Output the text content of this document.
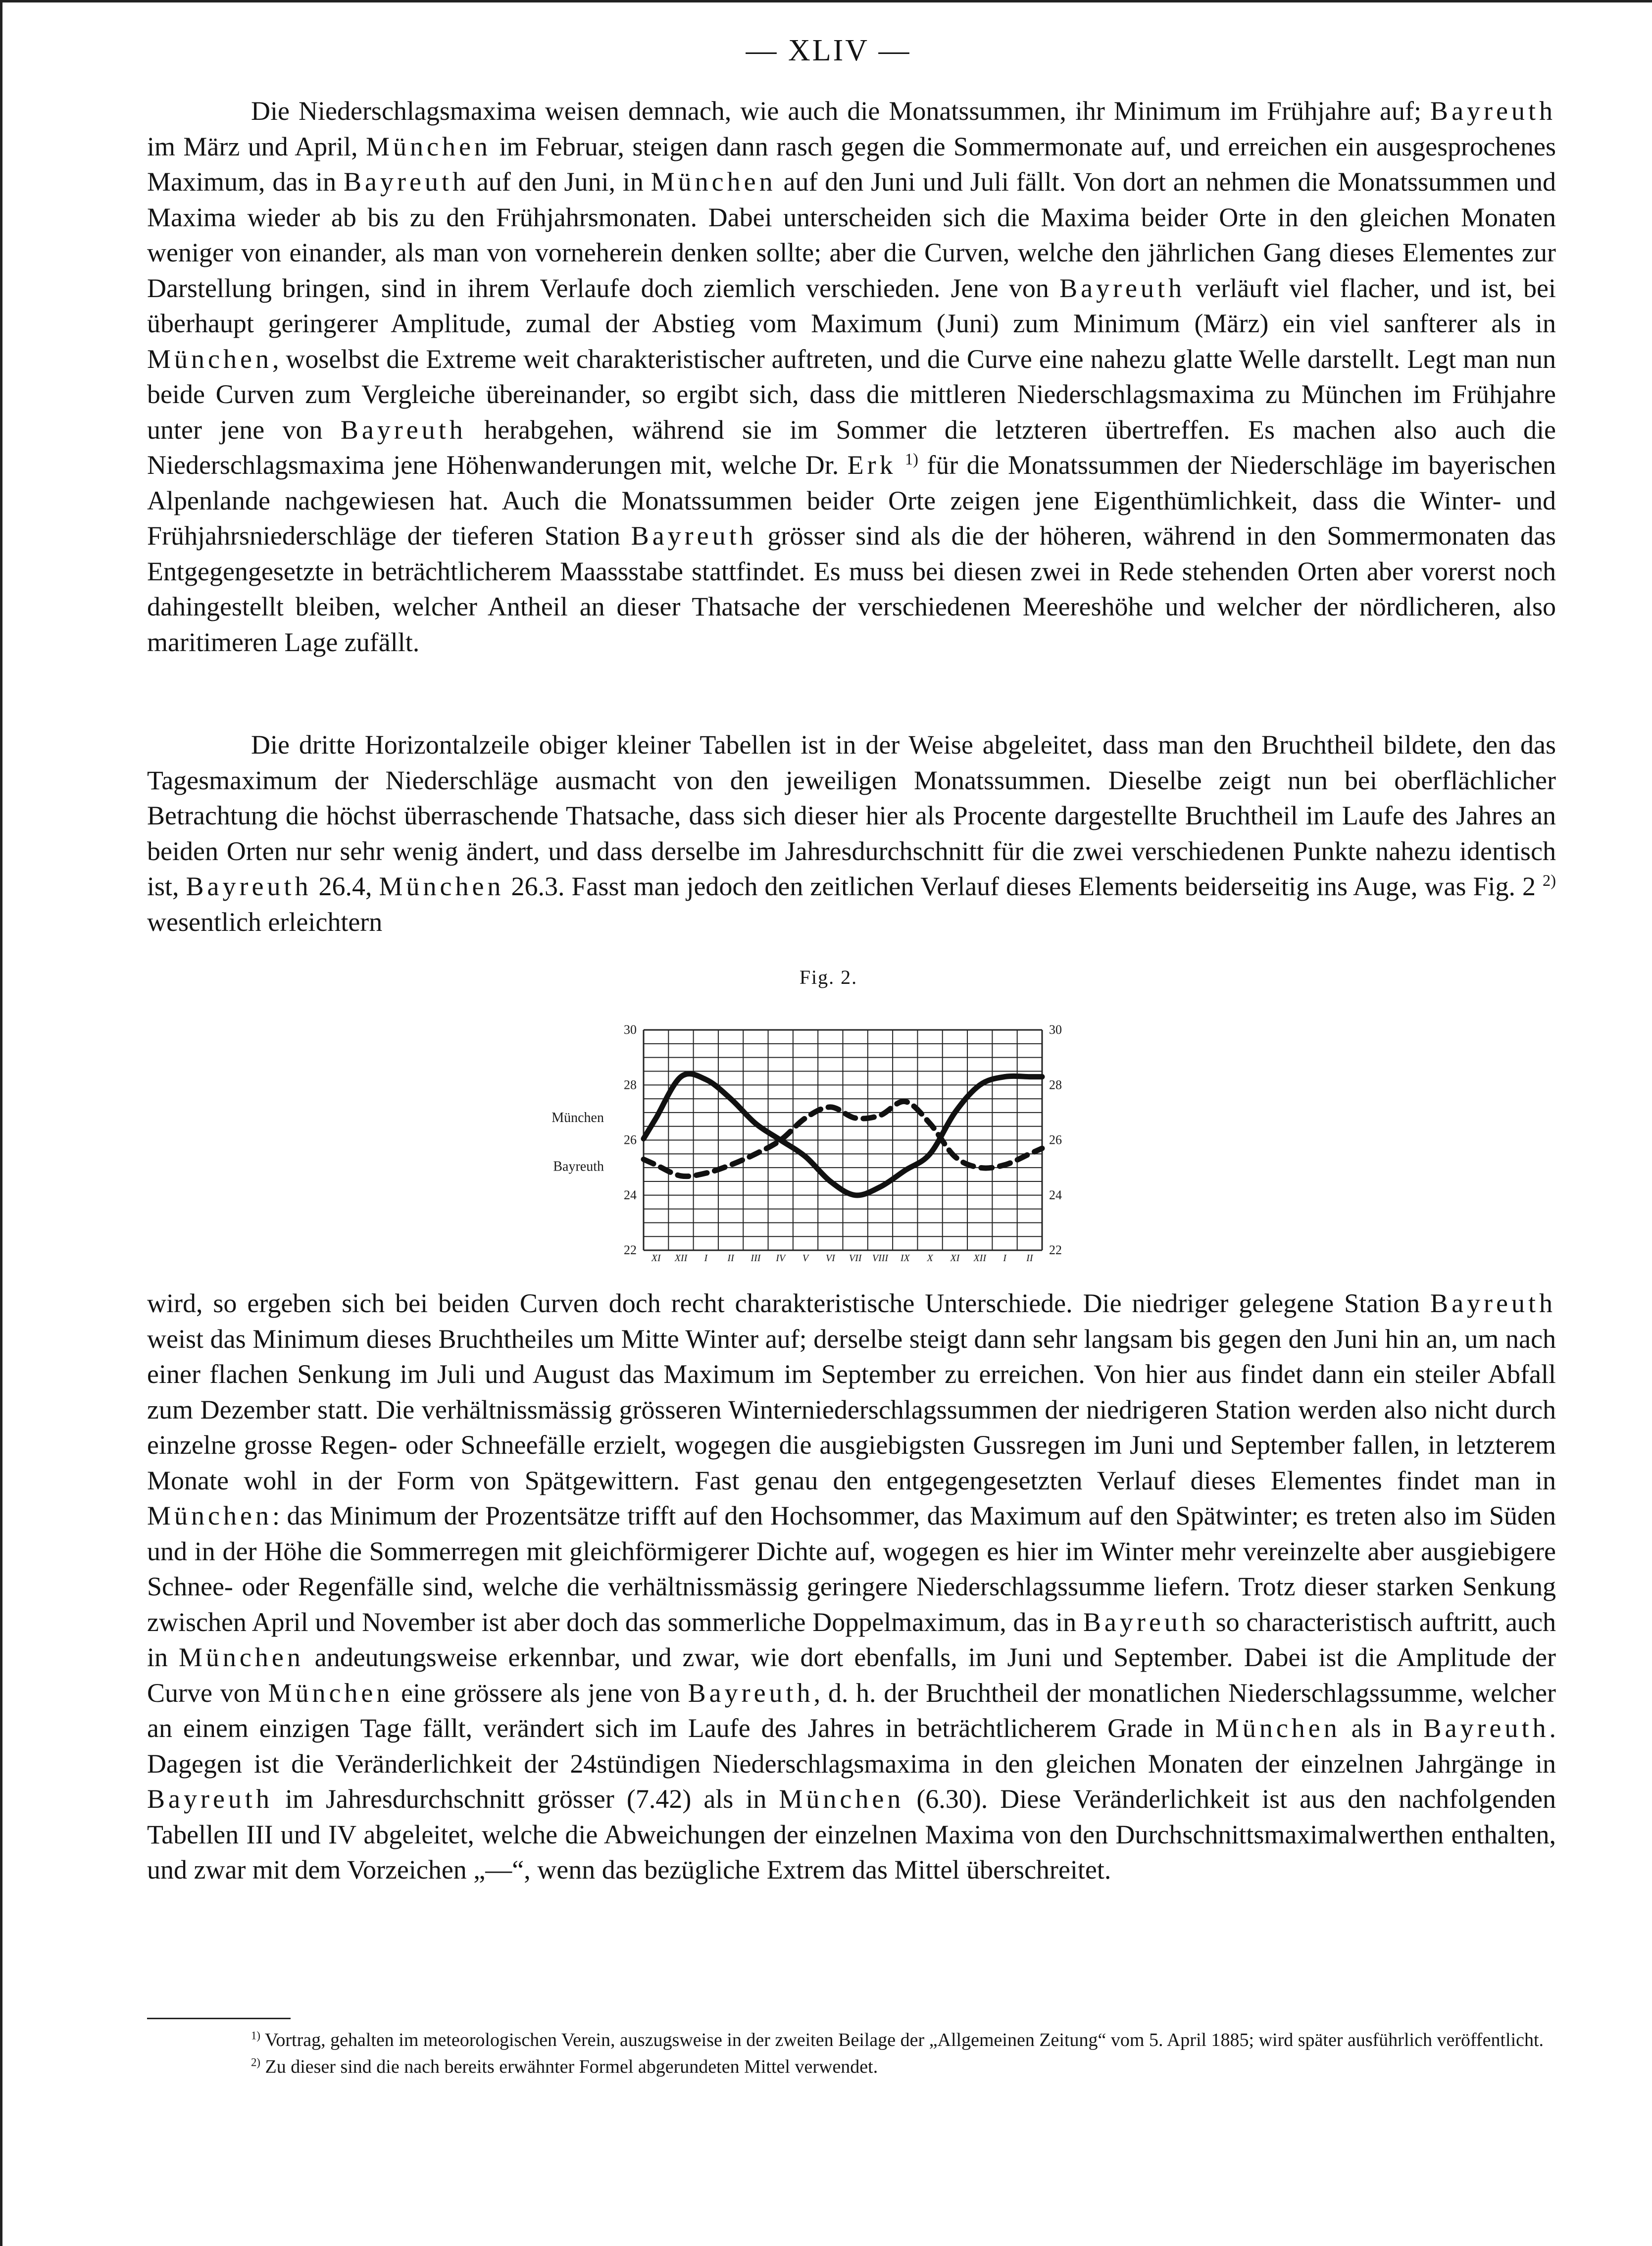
— XLIV —

Die Niederschlagsmaxima weisen demnach, wie auch die Monatssummen, ihr Minimum im Frühjahre auf; Bayreuth im März und April, München im Februar, steigen dann rasch gegen die Sommermonate auf, und erreichen ein ausgesprochenes Maximum, das in Bayreuth auf den Juni, in München auf den Juni und Juli fällt. Von dort an nehmen die Monatssummen und Maxima wieder ab bis zu den Frühjahrsmonaten. Dabei unterscheiden sich die Maxima beider Orte in den gleichen Monaten weniger von einander, als man von vorneherein denken sollte; aber die Curven, welche den jährlichen Gang dieses Elementes zur Darstellung bringen, sind in ihrem Verlaufe doch ziemlich verschieden. Jene von Bayreuth verläuft viel flacher, und ist, bei überhaupt geringerer Amplitude, zumal der Abstieg vom Maximum (Juni) zum Minimum (März) ein viel sanfterer als in München, woselbst die Extreme weit charakteristischer auftreten, und die Curve eine nahezu glatte Welle darstellt. Legt man nun beide Curven zum Vergleiche übereinander, so ergibt sich, dass die mittleren Niederschlagsmaxima zu München im Frühjahre unter jene von Bayreuth herabgehen, während sie im Sommer die letzteren übertreffen. Es machen also auch die Niederschlagsmaxima jene Höhenwanderungen mit, welche Dr. Erk $^{1)}$ für die Monatssummen der Niederschläge im bayerischen Alpenlande nachgewiesen hat. Auch die Monatssummen beider Orte zeigen jene Eigenthümlichkeit, dass die Winter- und Frühjahrsniederschläge der tieferen Station Bayreuth grösser sind als die der höheren, während in den Sommermonaten das Entgegengesetzte in beträchtlicherem Maassstabe stattfindet. Es muss bei diesen zwei in Rede stehenden Orten aber vorerst noch dahingestellt bleiben, welcher Antheil an dieser Thatsache der verschiedenen Meereshöhe und welcher der nördlicheren, also maritimeren Lage zufällt.

Die dritte Horizontalzeile obiger kleiner Tabellen ist in der Weise abgeleitet, dass man den Bruchtheil bildete, den das Tagesmaximum der Niederschläge ausmacht von den jeweiligen Monatssummen. Dieselbe zeigt nun bei oberflächlicher Betrachtung die höchst überraschende Thatsache, dass sich dieser hier als Procente dargestellte Bruchtheil im Laufe des Jahres an beiden Orten nur sehr wenig ändert, und dass derselbe im Jahresdurchschnitt für die zwei verschiedenen Punkte nahezu identisch ist, Bayreuth 26.4, München 26.3. Fasst man jedoch den zeitlichen Verlauf dieses Elements beiderseitig ins Auge, was Fig. 2 $^{2)}$ wesentlich erleichtern

Fig. 2.
22
24
26
28
30
22
24
26
28
30
XI XII I II III IV V VI VII VIII IX X XI XII I II
München
Bayreuth

wird, so ergeben sich bei beiden Curven doch recht charakteristische Unterschiede. Die niedriger gelegene Station Bayreuth weist das Minimum dieses Bruchtheiles um Mitte Winter auf; derselbe steigt dann sehr langsam bis gegen den Juni hin an, um nach einer flachen Senkung im Juli und August das Maximum im September zu erreichen. Von hier aus findet dann ein steiler Abfall zum Dezember statt. Die verhältnissmässig grösseren Winterniederschlagssummen der niedrigeren Station werden also nicht durch einzelne grosse Regen- oder Schneefälle erzielt, wogegen die ausgiebigsten Gussregen im Juni und September fallen, in letzterem Monate wohl in der Form von Spätgewittern. Fast genau den entgegengesetzten Verlauf dieses Elementes findet man in München: das Minimum der Prozentsätze trifft auf den Hochsommer, das Maximum auf den Spätwinter; es treten also im Süden und in der Höhe die Sommerregen mit gleichförmigerer Dichte auf, wogegen es hier im Winter mehr vereinzelte aber ausgiebigere Schnee- oder Regenfälle sind, welche die verhältnissmässig geringere Niederschlagssumme liefern. Trotz dieser starken Senkung zwischen April und November ist aber doch das sommerliche Doppelmaximum, das in Bayreuth so characteristisch auftritt, auch in München andeutungsweise erkennbar, und zwar, wie dort ebenfalls, im Juni und September. Dabei ist die Amplitude der Curve von München eine grössere als jene von Bayreuth, d. h. der Bruchtheil der monatlichen Niederschlagssumme, welcher an einem einzigen Tage fällt, verändert sich im Laufe des Jahres in beträchtlicherem Grade in München als in Bayreuth. Dagegen ist die Veränderlichkeit der 24stündigen Niederschlagsmaxima in den gleichen Monaten der einzelnen Jahrgänge in Bayreuth im Jahresdurchschnitt grösser (7.42) als in München (6.30). Diese Veränderlichkeit ist aus den nachfolgenden Tabellen III und IV abgeleitet, welche die Abweichungen der einzelnen Maxima von den Durchschnittsmaximalwerthen enthalten, und zwar mit dem Vorzeichen „—“, wenn das bezügliche Extrem das Mittel überschreitet.

$^{1)}$ Vortrag, gehalten im meteorologischen Verein, auszugsweise in der zweiten Beilage der „Allgemeinen Zeitung“ vom 5. April 1885; wird später ausführlich veröffentlicht.

$^{2)}$ Zu dieser sind die nach bereits erwähnter Formel abgerundeten Mittel verwendet.
